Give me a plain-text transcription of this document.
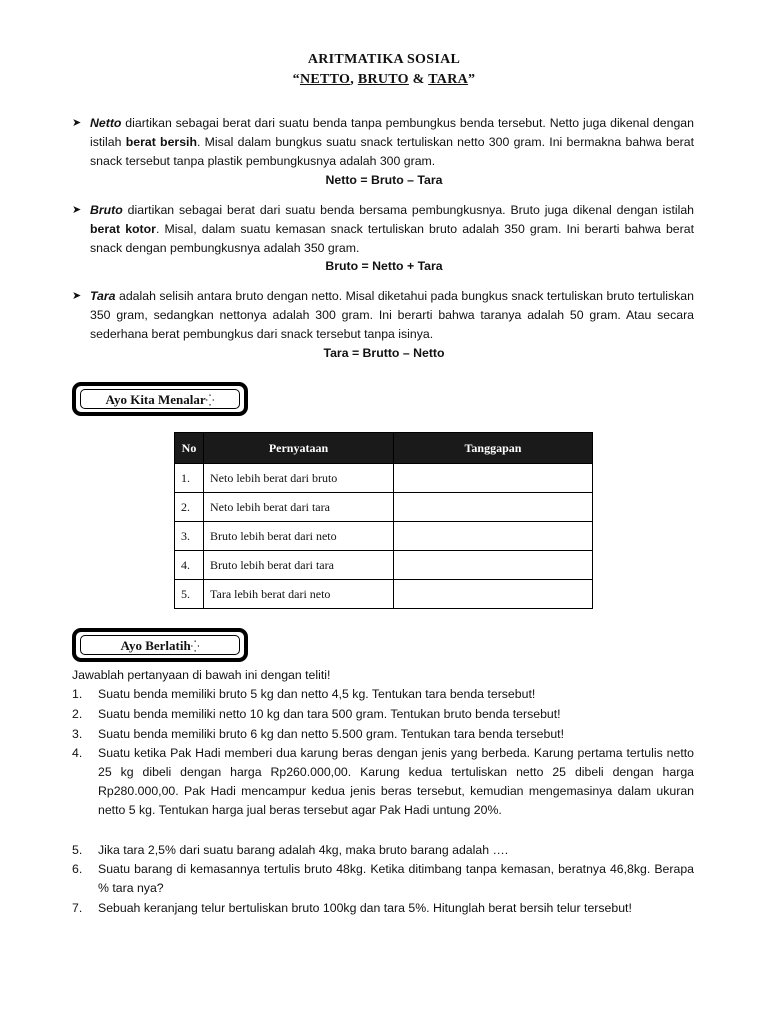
ARITMATIKA SOSIAL
“NETTO, BRUTO & TARA”
➤ Netto diartikan sebagai berat dari suatu benda tanpa pembungkus benda tersebut. Netto juga dikenal dengan istilah berat bersih. Misal dalam bungkus suatu snack tertuliskan netto 300 gram. Ini bermakna bahwa berat snack tersebut tanpa plastik pembungkusnya adalah 300 gram.
Netto = Bruto – Tara
➤ Bruto diartikan sebagai berat dari suatu benda bersama pembungkusnya. Bruto juga dikenal dengan istilah berat kotor. Misal, dalam suatu kemasan snack tertuliskan bruto adalah 350 gram. Ini berarti bahwa berat snack dengan pembungkusnya adalah 350 gram.
Bruto = Netto + Tara
➤ Tara adalah selisih antara bruto dengan netto. Misal diketahui pada bungkus snack tertuliskan bruto tertuliskan 350 gram, sedangkan nettonya adalah 300 gram. Ini berarti bahwa taranya adalah 50 gram. Atau secara sederhana berat pembungkus dari snack tersebut tanpa isinya.
Tara = Brutto – Netto
Ayo Kita Menalar⁛
No	Pernyataan	Tanggapan
1.	Neto lebih berat dari bruto	
2.	Neto lebih berat dari tara	
3.	Bruto lebih berat dari neto	
4.	Bruto lebih berat dari tara	
5.	Tara lebih berat dari neto	
Ayo Berlatih⁛
Jawablah pertanyaan di bawah ini dengan teliti!
1. Suatu benda memiliki bruto 5 kg dan netto 4,5 kg. Tentukan tara benda tersebut!
2. Suatu benda memiliki netto 10 kg dan tara 500 gram. Tentukan bruto benda tersebut!
3. Suatu benda memiliki bruto 6 kg dan netto 5.500 gram. Tentukan tara benda tersebut!
4. Suatu ketika Pak Hadi memberi dua karung beras dengan jenis yang berbeda. Karung pertama tertulis netto 25 kg dibeli dengan harga Rp260.000,00. Karung kedua tertuliskan netto 25 dibeli dengan harga Rp280.000,00. Pak Hadi mencampur kedua jenis beras tersebut, kemudian mengemasinya dalam ukuran netto 5 kg. Tentukan harga jual beras tersebut agar Pak Hadi untung 20%.
5. Jika tara 2,5% dari suatu barang adalah 4kg, maka bruto barang adalah ….
6. Suatu barang di kemasannya tertulis bruto 48kg. Ketika ditimbang tanpa kemasan, beratnya 46,8kg. Berapa % tara nya?
7. Sebuah keranjang telur bertuliskan bruto 100kg dan tara 5%. Hitunglah berat bersih telur tersebut!
